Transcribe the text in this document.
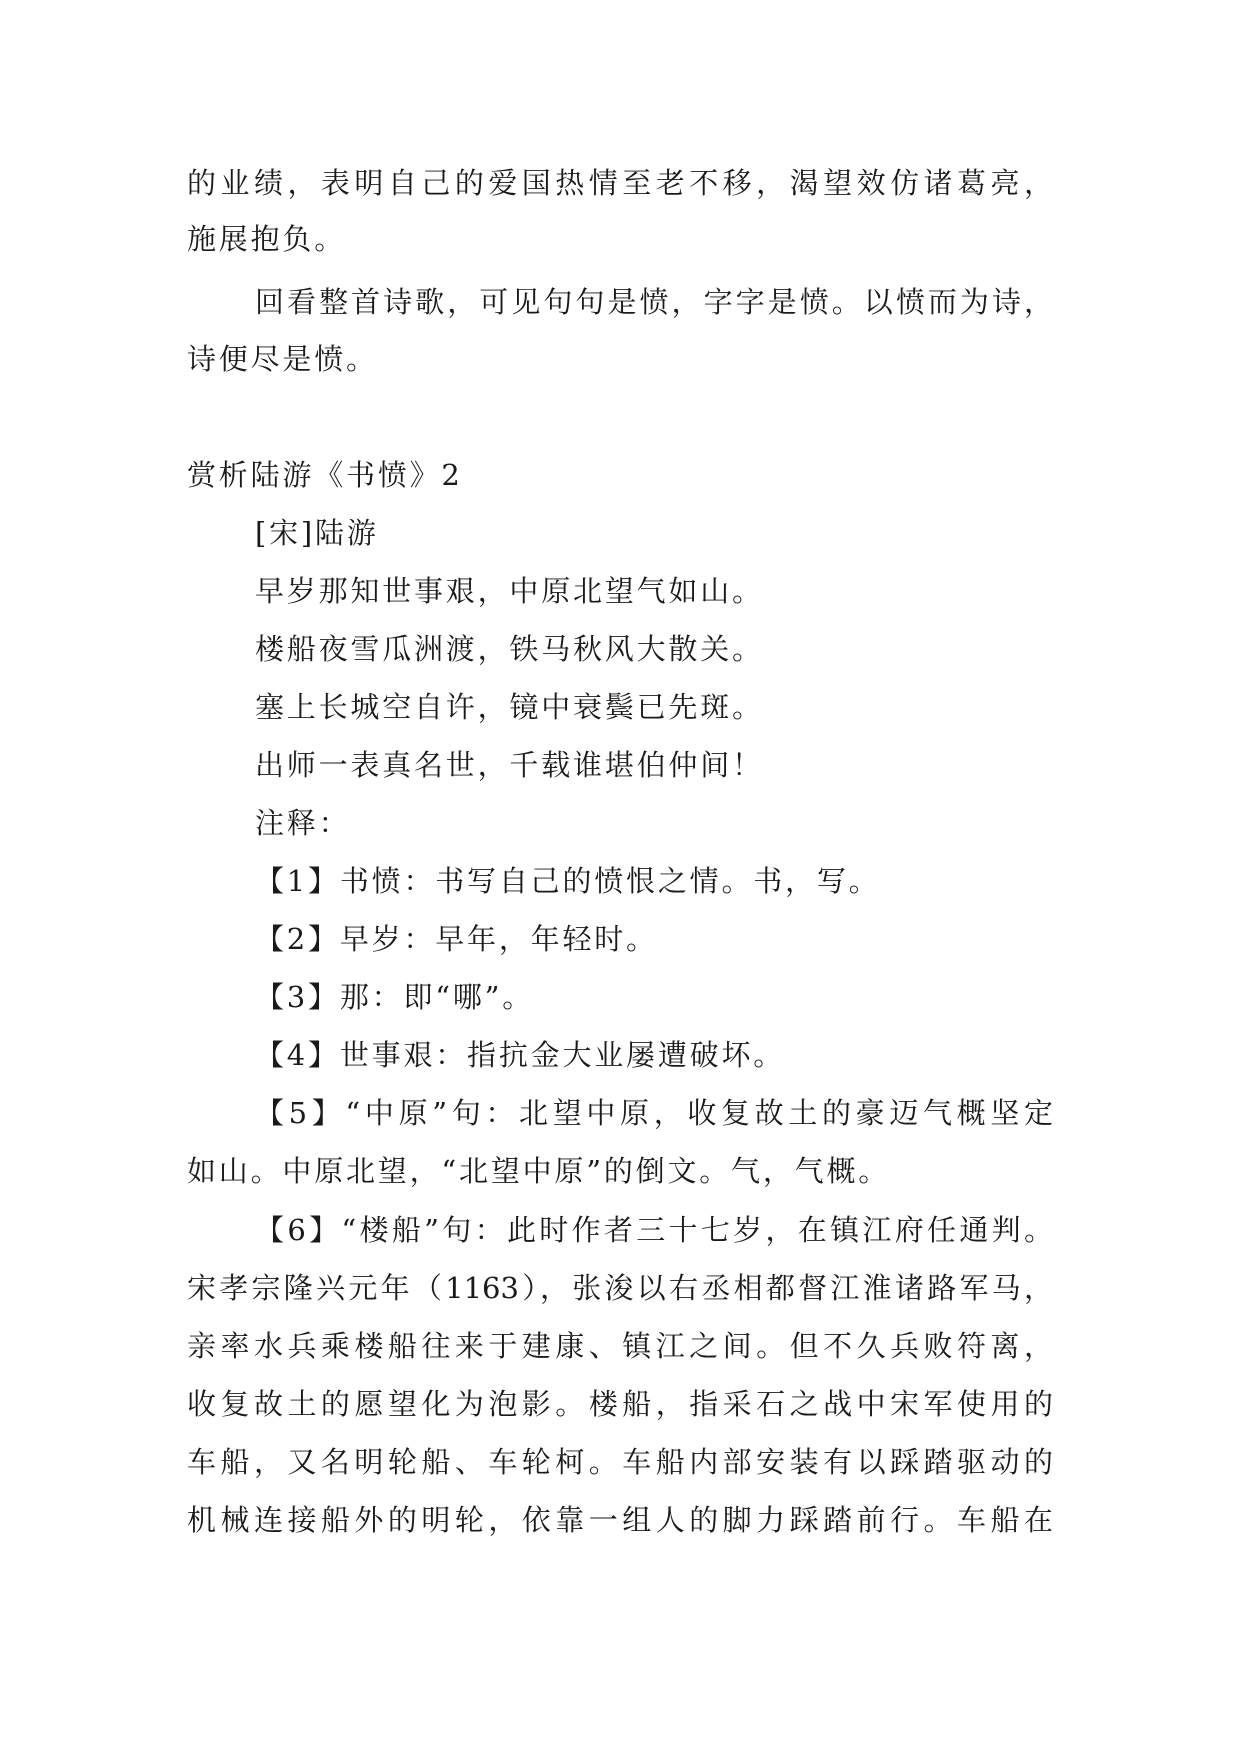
的业绩，表明自己的爱国热情至老不移，渴望效仿诸葛亮，
施展抱负。
回看整首诗歌，可见句句是愤，字字是愤。以愤而为诗，
诗便尽是愤。
赏析陆游《书愤》2
[宋]陆游
早岁那知世事艰，中原北望气如山。
楼船夜雪瓜洲渡，铁马秋风大散关。
塞上长城空自许，镜中衰鬓已先斑。
出师一表真名世，千载谁堪伯仲间！
注释：
【1】书愤：书写自己的愤恨之情。书，写。
【2】早岁：早年，年轻时。
【3】那：即“哪”。
【4】世事艰：指抗金大业屡遭破坏。
【5】“中原”句：北望中原，收复故土的豪迈气概坚定
如山。中原北望，“北望中原”的倒文。气，气概。
【6】“楼船”句：此时作者三十七岁，在镇江府任通判。
宋孝宗隆兴元年（1163），张浚以右丞相都督江淮诸路军马，
亲率水兵乘楼船往来于建康、镇江之间。但不久兵败符离，
收复故土的愿望化为泡影。楼船，指采石之战中宋军使用的
车船，又名明轮船、车轮柯。车船内部安装有以踩踏驱动的
机械连接船外的明轮，依靠一组人的脚力踩踏前行。车船在
